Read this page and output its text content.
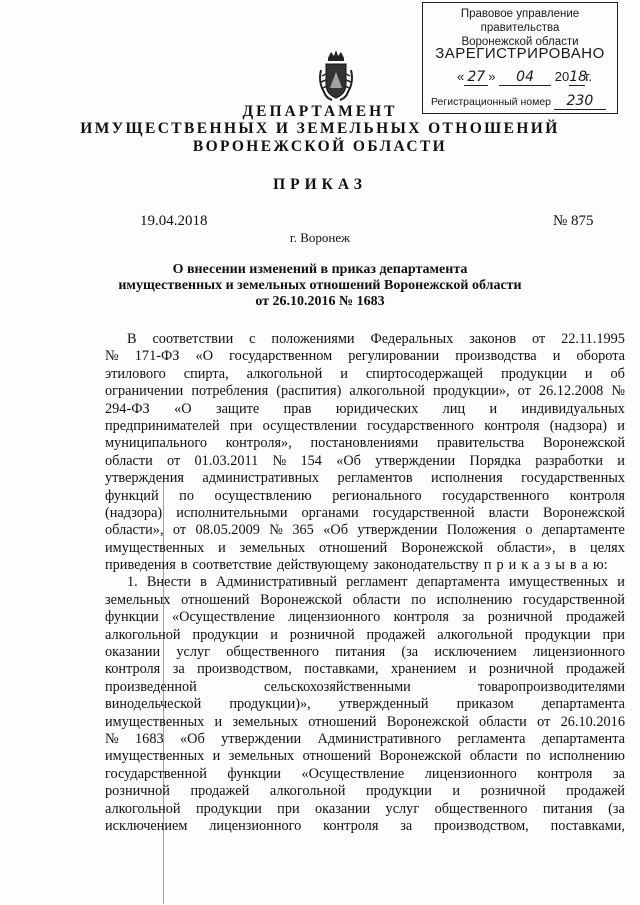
Правовое управление правительства
Воронежской области
ЗАРЕГИСТРИРОВАНО
« 27 » 04 2018г.
Регистрационный номер 230
ДЕПАРТАМЕНТ
ИМУЩЕСТВЕННЫХ И ЗЕМЕЛЬНЫХ ОТНОШЕНИЙ
ВОРОНЕЖСКОЙ ОБЛАСТИ
ПРИКАЗ
19.04.2018	№ 875
г. Воронеж
О внесении изменений в приказ департамента
имущественных и земельных отношений Воронежской области
от 26.10.2016 № 1683
В соответствии с положениями Федеральных законов от 22.11.1995
№ 171-ФЗ «О государственном регулировании производства и оборота
этилового спирта, алкогольной и спиртосодержащей продукции и об
ограничении потребления (распития) алкогольной продукции», от 26.12.2008 №
294-ФЗ «О защите прав юридических лиц и индивидуальных
предпринимателей при осуществлении государственного контроля (надзора) и
муниципального контроля», постановлениями правительства Воронежской
области от 01.03.2011 № 154 «Об утверждении Порядка разработки и
утверждения административных регламентов исполнения государственных
функций по осуществлению регионального государственного контроля
(надзора) исполнительными органами государственной власти Воронежской
области», от 08.05.2009 № 365 «Об утверждении Положения о департаменте
имущественных и земельных отношений Воронежской области», в целях
приведения в соответствие действующему законодательству п р и к а з ы в а ю:
1. Внести в Административный регламент департамента имущественных и
земельных отношений Воронежской области по исполнению государственной
функции «Осуществление лицензионного контроля за розничной продажей
алкогольной продукции и розничной продажей алкогольной продукции при
оказании услуг общественного питания (за исключением лицензионного
контроля за производством, поставками, хранением и розничной продажей
произведенной	сельскохозяйственными	товаропроизводителями
винодельческой продукции)», утвержденный приказом департамента
имущественных и земельных отношений Воронежской области от 26.10.2016
№ 1683 «Об утверждении Административного регламента департамента
имущественных и земельных отношений Воронежской области по исполнению
государственной функции «Осуществление лицензионного контроля за
розничной продажей алкогольной продукции и розничной продажей
алкогольной продукции при оказании услуг общественного питания (за
исключением лицензионного контроля за производством, поставками,
